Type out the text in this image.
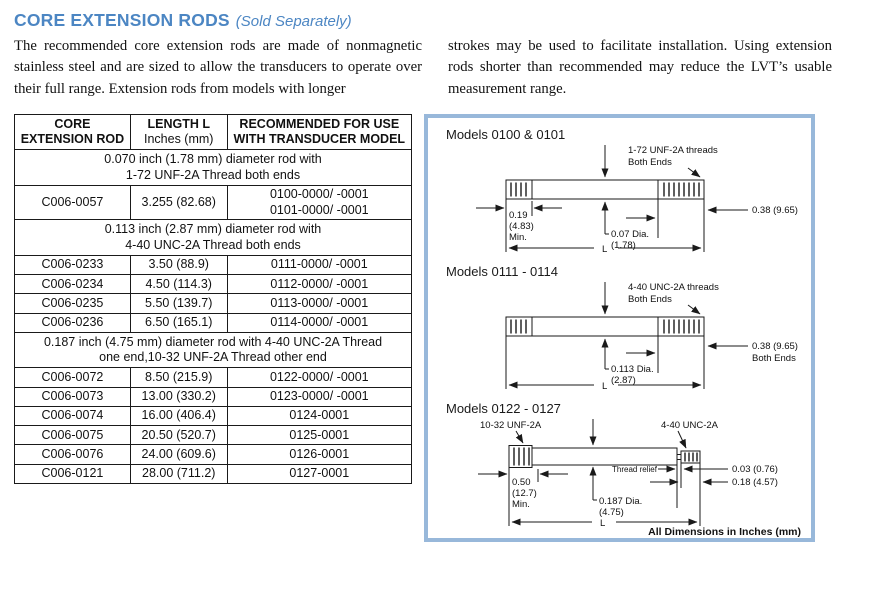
CORE EXTENSION RODS (Sold Separately)
The recommended core extension rods are made of nonmagnetic stainless steel and are sized to allow the transducers to operate over their full range. Extension rods from models with longer
strokes may be used to facilitate installation. Using extension rods shorter than recommended may reduce the LVT’s usable measurement range.
CORE
EXTENSION ROD

LENGTH L
Inches (mm)

RECOMMENDED FOR USE
WITH TRANSDUCER MODEL

0.070 inch (1.78 mm) diameter rod with
1-72 UNF-2A Thread both ends		

C006-0057	3.255 (82.68)	0100-0000/ -0001
0101-0000/ -0001

0.113 inch (2.87 mm) diameter rod with
4-40 UNC-2A Thread both ends		

C006-0233	3.50 (88.9)	0111-0000/ -0001
C006-0234	4.50 (114.3)	0112-0000/ -0001
C006-0235	5.50 (139.7)	0113-0000/ -0001
C006-0236	6.50 (165.1)	0114-0000/ -0001

0.187 inch (4.75 mm) diameter rod with 4-40 UNC-2A Thread
one end,10-32 UNF-2A Thread other end		

C006-0072	8.50 (215.9)	0122-0000/ -0001
C006-0073	13.00 (330.2)	0123-0000/ -0001
C006-0074	16.00 (406.4)	0124-0001
C006-0075	20.50 (520.7)	0125-0001
C006-0076	24.00 (609.6)	0126-0001
C006-0121	28.00 (711.2)	0127-0001
Models 0100 & 0101
1-72 UNF-2A threads
Both Ends
0.19
(4.83)
Min.	0.07 Dia.
(1.78)
0.38 (9.65)
L
Models 0111 - 0114
4-40 UNC-2A threads
Both Ends
0.113 Dia.
(2.87)
0.38 (9.65)
Both Ends
L
Models 0122 - 0127
10-32 UNF-2A	4-40 UNC-2A
0.50
(12.7)
Min.	0.187 Dia.
(4.75)
Thread relief	0.03 (0.76)
0.18 (4.57)
L
All Dimensions in Inches (mm)
